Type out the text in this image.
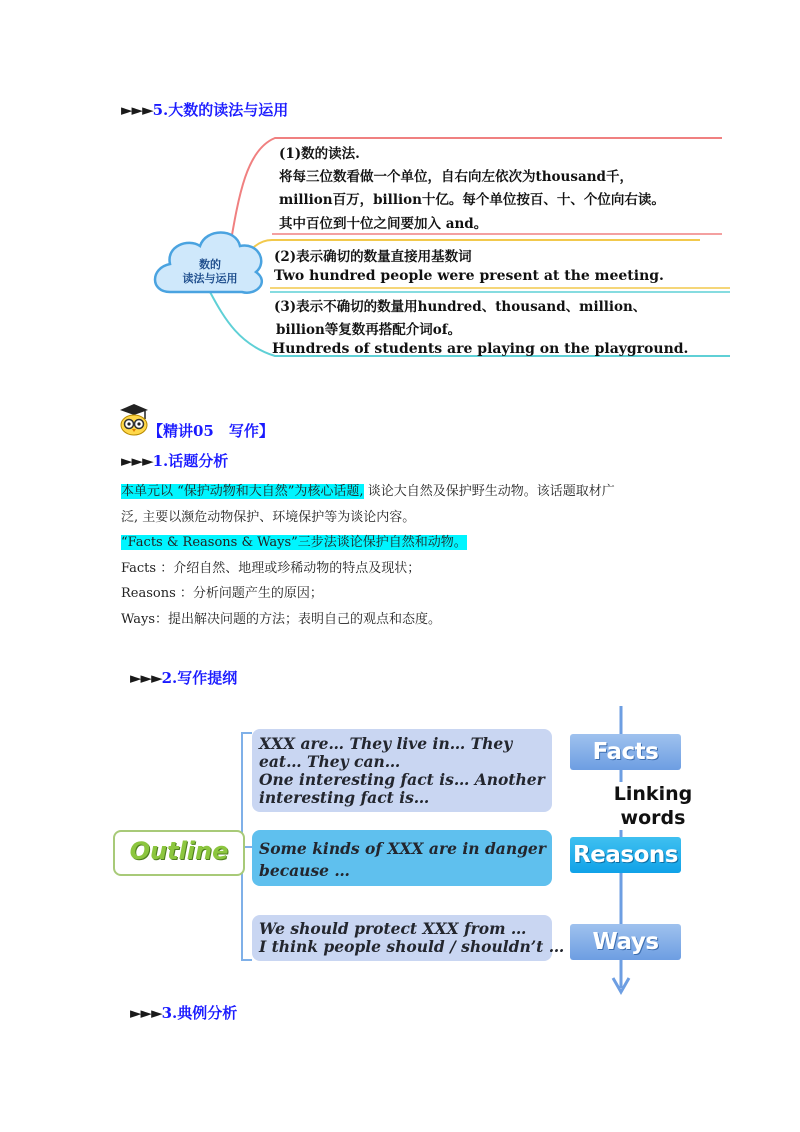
►►►5.大数的读法与运用
数的
读法与运用
(1)数的读法.
将每三位数看做一个单位，自右向左依次为thousand千，
million百万，billion十亿。每个单位按百、十、个位向右读。
其中百位到十位之间要加入 and。
(2)表示确切的数量直接用基数词
Two hundred people were present at the meeting.
(3)表示不确切的数量用hundred、thousand、million、
billion等复数再搭配介词of。
Hundreds of students are playing on the playground.
【精讲05　写作】
►►►1.话题分析
本单元以 “保护动物和大自然”为核心话题, 谈论大自然及保护野生动物。该话题取材广
泛, 主要以濒危动物保护、环境保护等为谈论内容。
“Facts & Reasons & Ways”三步法谈论保护自然和动物。
Facts ：介绍自然、地理或珍稀动物的特点及现状；
Reasons ：分析问题产生的原因；
Ways：提出解决问题的方法；表明自己的观点和态度。
►►►2.写作提纲
Outline
XXX are… They live in… They
eat… They can…
One interesting fact is… Another
interesting fact is…
Some kinds of XXX are in danger
because …
We should protect XXX from …
I think people should / shouldn’t …
Facts
Reasons
Ways
Linking
words
►►►3.典例分析
